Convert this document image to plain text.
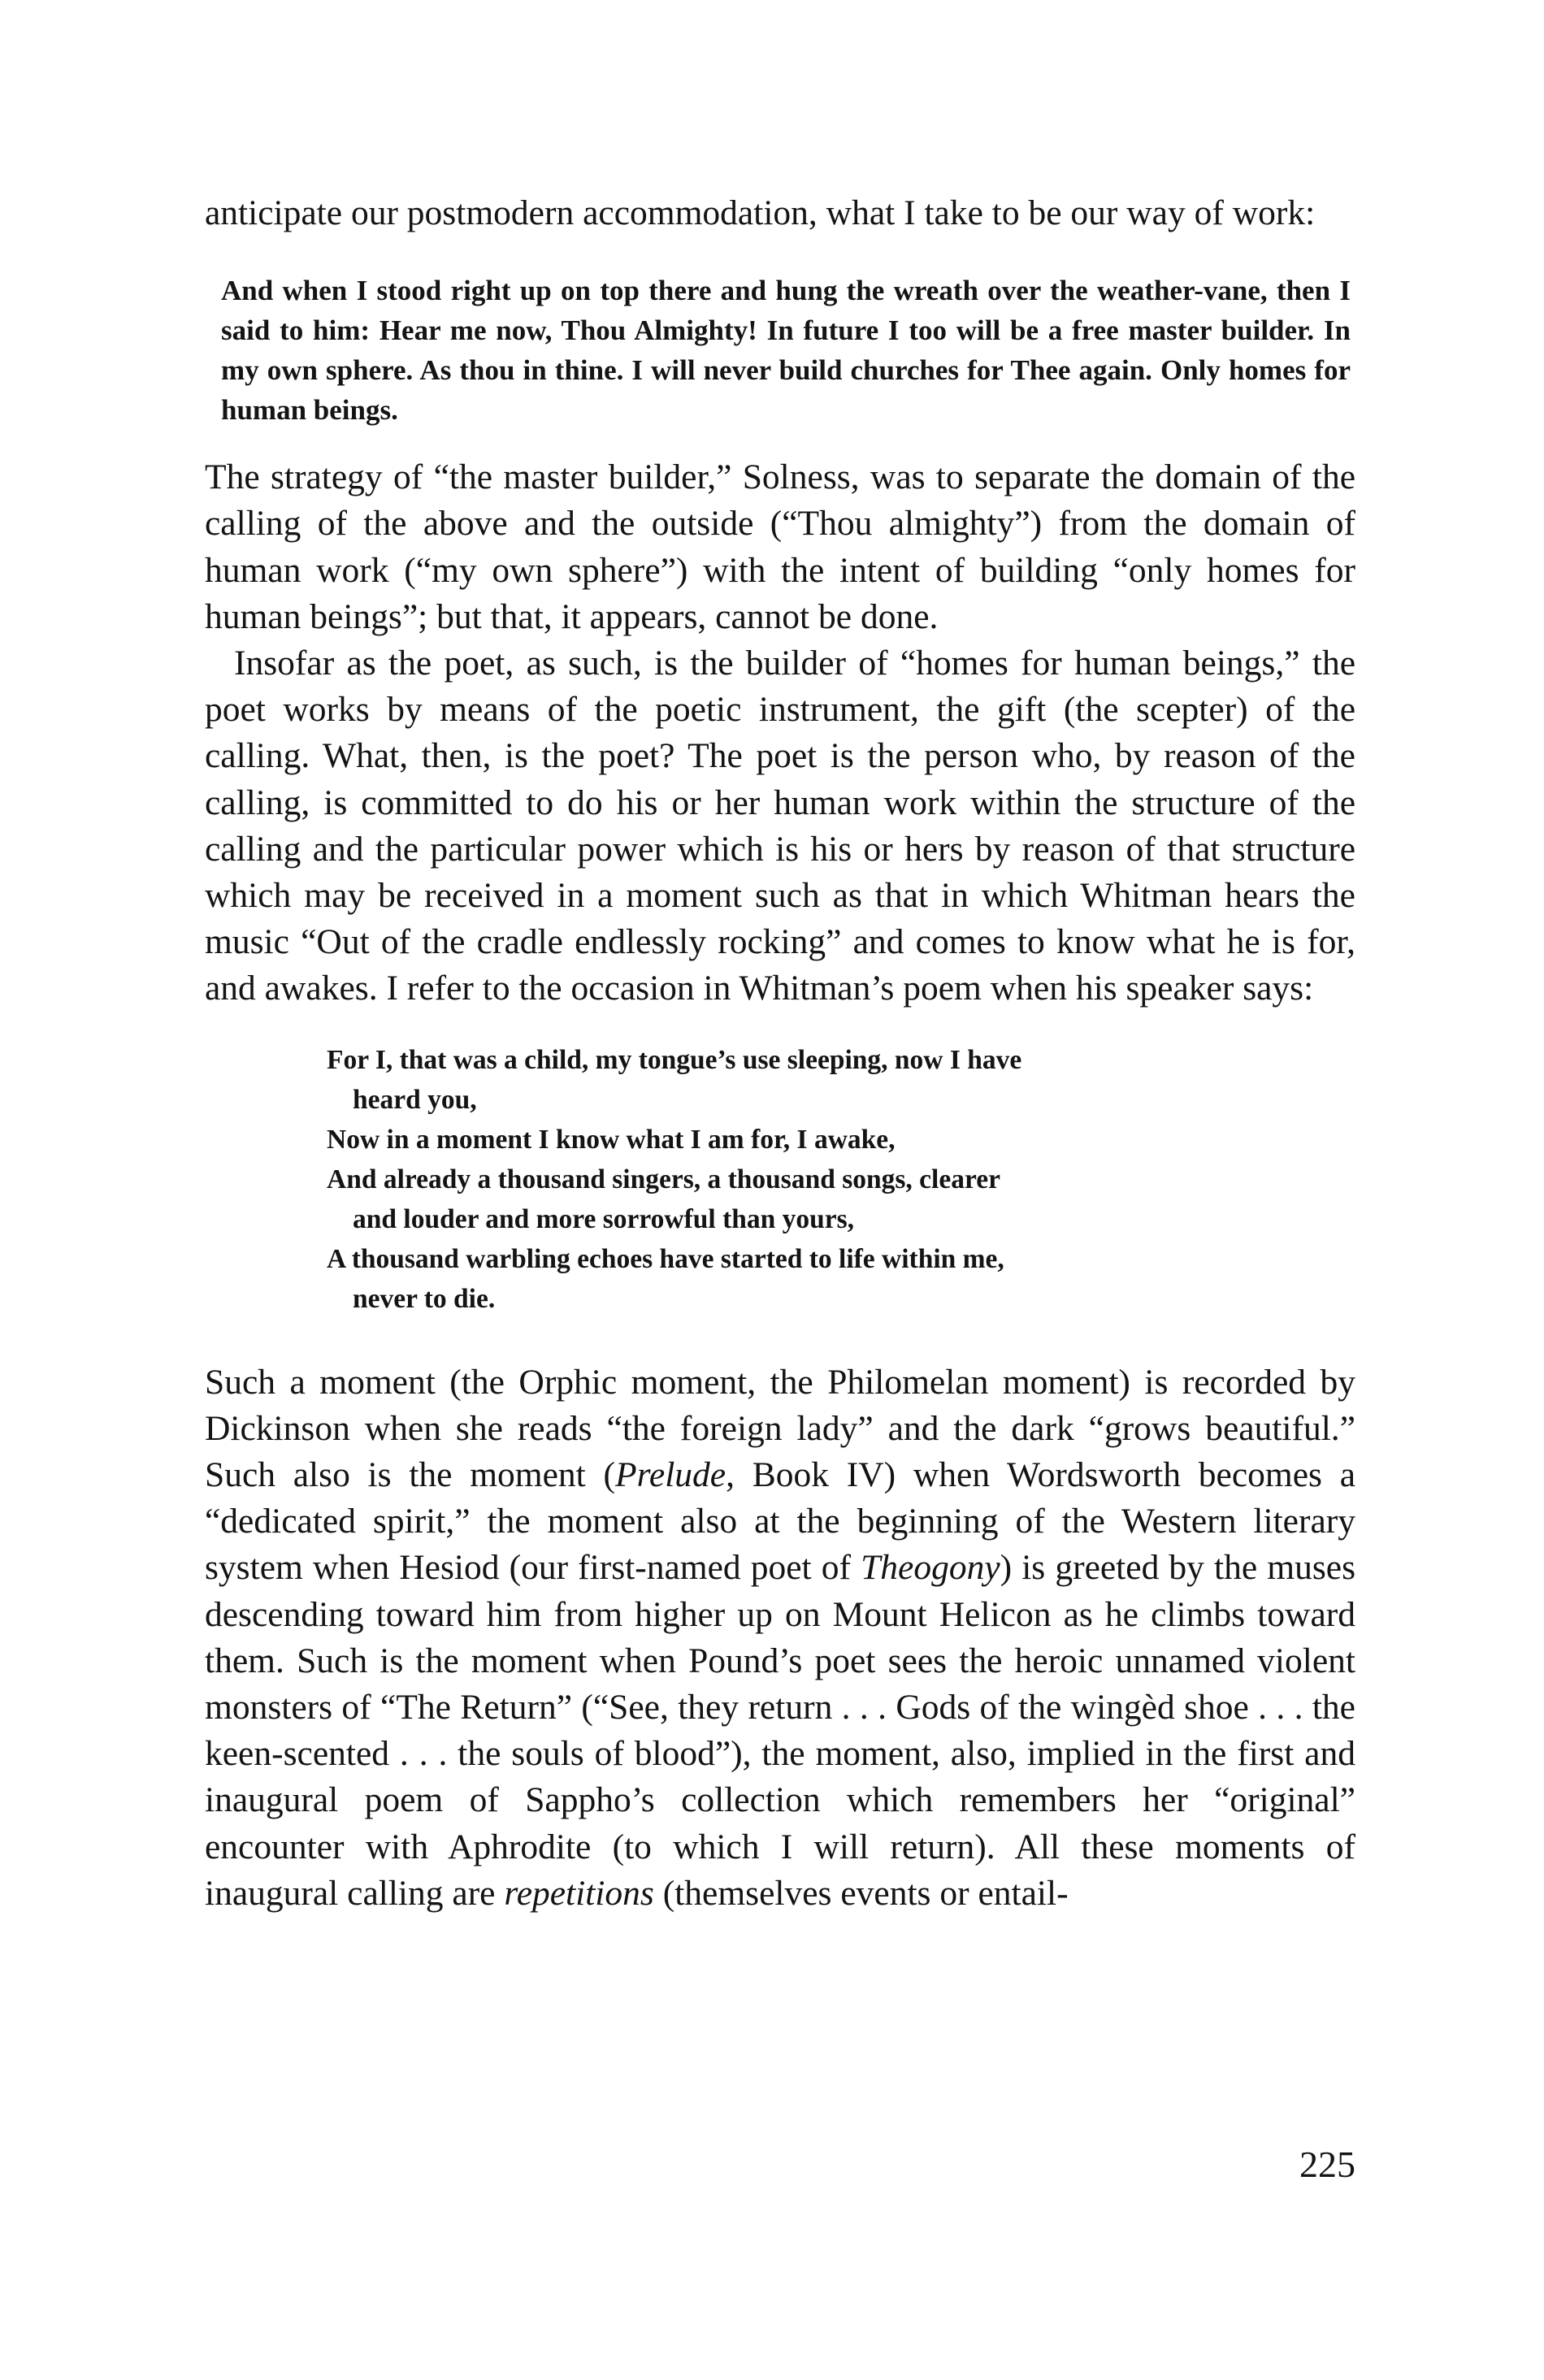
anticipate our postmodern accommodation, what I take to be our way of work:

And when I stood right up on top there and hung the wreath over the weather-vane, then I said to him: Hear me now, Thou Almighty! In future I too will be a free master builder. In my own sphere. As thou in thine. I will never build churches for Thee again. Only homes for human beings.

The strategy of “the master builder,” Solness, was to separate the domain of the calling of the above and the outside (“Thou almighty”) from the domain of human work (“my own sphere”) with the intent of building “only homes for human beings”; but that, it appears, cannot be done.

Insofar as the poet, as such, is the builder of “homes for human beings,” the poet works by means of the poetic instrument, the gift (the scepter) of the calling. What, then, is the poet? The poet is the person who, by reason of the calling, is committed to do his or her human work within the structure of the calling and the particular power which is his or hers by reason of that structure which may be received in a moment such as that in which Whitman hears the music “Out of the cradle endlessly rocking” and comes to know what he is for, and awakes. I refer to the occasion in Whitman’s poem when his speaker says:

For I, that was a child, my tongue’s use sleeping, now I have
heard you,
Now in a moment I know what I am for, I awake,
And already a thousand singers, a thousand songs, clearer
and louder and more sorrowful than yours,
A thousand warbling echoes have started to life within me,
never to die.

Such a moment (the Orphic moment, the Philomelan moment) is recorded by Dickinson when she reads “the foreign lady” and the dark “grows beautiful.” Such also is the moment (Prelude, Book IV) when Wordsworth becomes a “dedicated spirit,” the moment also at the beginning of the Western literary system when Hesiod (our first-named poet of Theogony) is greeted by the muses descending toward him from higher up on Mount Helicon as he climbs toward them. Such is the moment when Pound’s poet sees the heroic unnamed violent monsters of “The Return” (“See, they return . . . Gods of the wingèd shoe . . . the keen-scented . . . the souls of blood”), the moment, also, implied in the first and inaugural poem of Sappho’s collection which remembers her “original” encounter with Aphrodite (to which I will return). All these moments of inaugural calling are repetitions (themselves events or entail-

225
